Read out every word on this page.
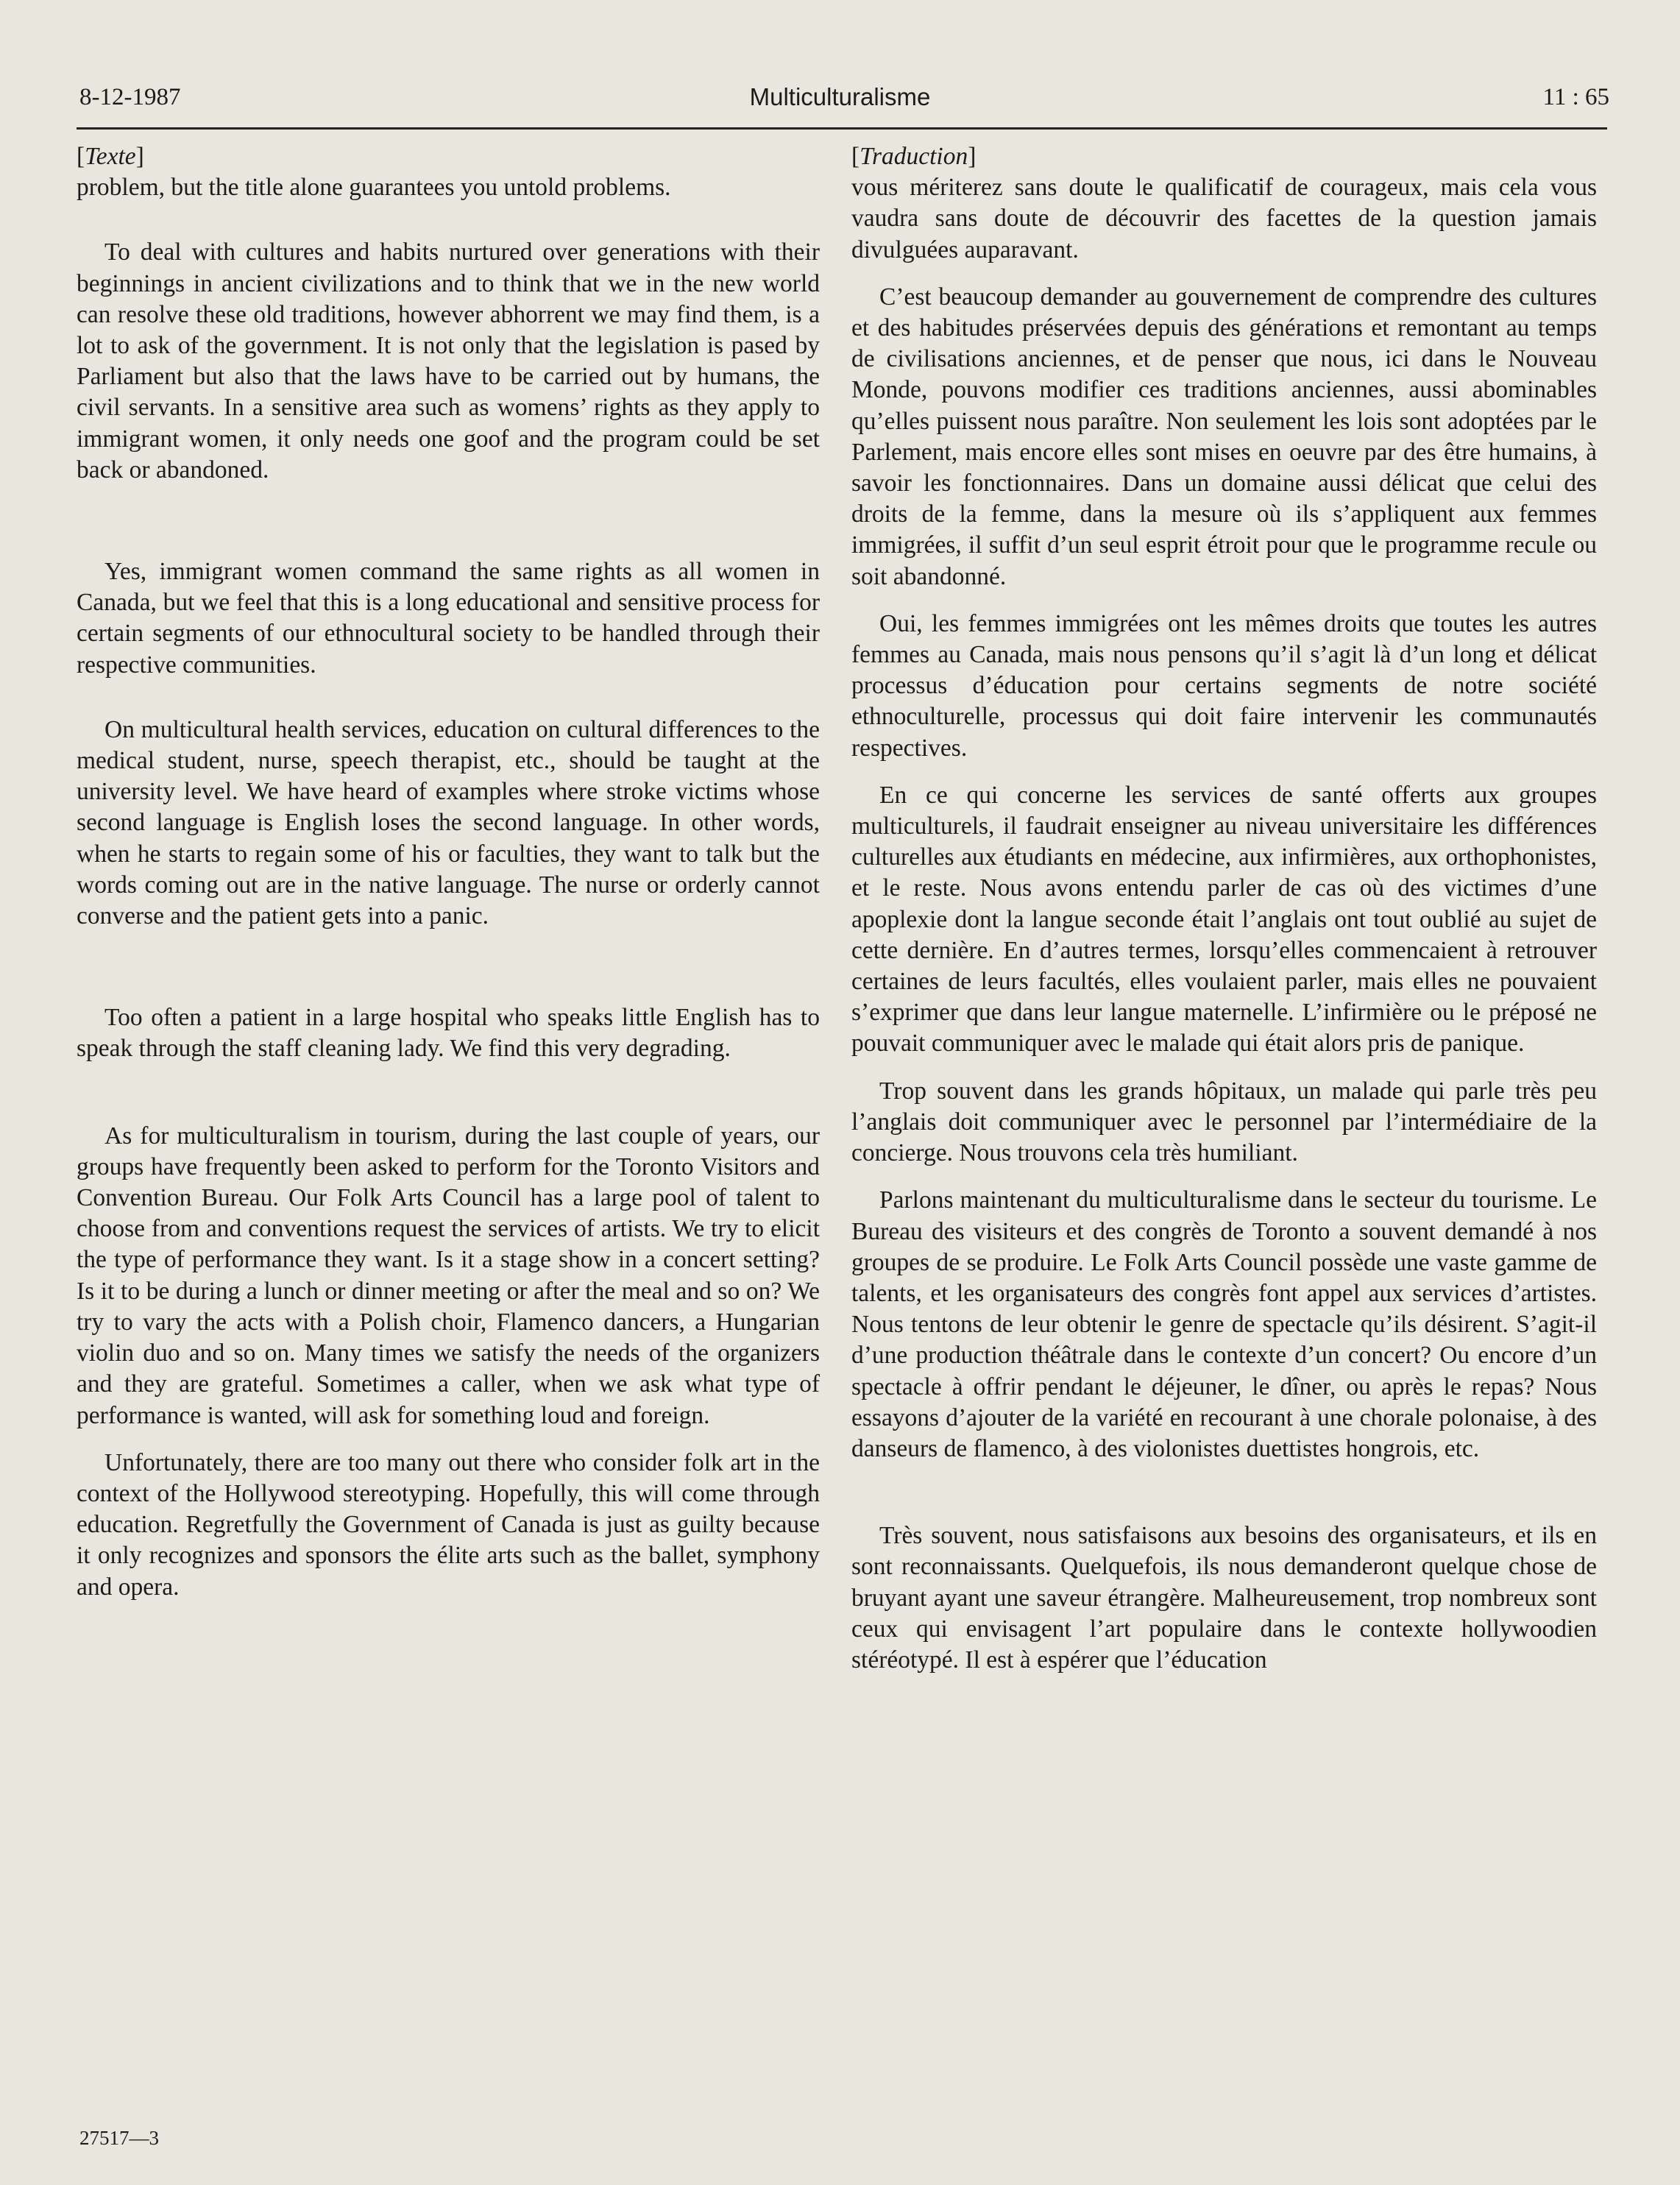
8-12-1987	Multiculturalisme	11 : 65
[Texte]

problem, but the title alone guarantees you untold problems.

To deal with cultures and habits nurtured over generations with their beginnings in ancient civilizations and to think that we in the new world can resolve these old traditions, however abhorrent we may find them, is a lot to ask of the government. It is not only that the legislation is pased by Parliament but also that the laws have to be carried out by humans, the civil servants. In a sensitive area such as womens’ rights as they apply to immigrant women, it only needs one goof and the program could be set back or abandoned.

Yes, immigrant women command the same rights as all women in Canada, but we feel that this is a long educational and sensitive process for certain segments of our ethnocultural society to be handled through their respective communities.

On multicultural health services, education on cultural differences to the medical student, nurse, speech therapist, etc., should be taught at the university level. We have heard of examples where stroke victims whose second language is English loses the second language. In other words, when he starts to regain some of his or faculties, they want to talk but the words coming out are in the native language. The nurse or orderly cannot converse and the patient gets into a panic.

Too often a patient in a large hospital who speaks little English has to speak through the staff cleaning lady. We find this very degrading.

As for multiculturalism in tourism, during the last couple of years, our groups have frequently been asked to perform for the Toronto Visitors and Convention Bureau. Our Folk Arts Council has a large pool of talent to choose from and conventions request the services of artists. We try to elicit the type of performance they want. Is it a stage show in a concert setting? Is it to be during a lunch or dinner meeting or after the meal and so on? We try to vary the acts with a Polish choir, Flamenco dancers, a Hungarian violin duo and so on. Many times we satisfy the needs of the organizers and they are grateful. Sometimes a caller, when we ask what type of performance is wanted, will ask for something loud and foreign.

Unfortunately, there are too many out there who consider folk art in the context of the Hollywood stereotyping. Hopefully, this will come through education. Regretfully the Government of Canada is just as guilty because it only recognizes and sponsors the élite arts such as the ballet, symphony and opera.

[Traduction]

vous mériterez sans doute le qualificatif de courageux, mais cela vous vaudra sans doute de découvrir des facettes de la question jamais divulguées auparavant.

C’est beaucoup demander au gouvernement de comprendre des cultures et des habitudes préservées depuis des générations et remontant au temps de civilisations anciennes, et de penser que nous, ici dans le Nouveau Monde, pouvons modifier ces traditions anciennes, aussi abominables qu’elles puissent nous paraître. Non seulement les lois sont adoptées par le Parlement, mais encore elles sont mises en oeuvre par des être humains, à savoir les fonctionnaires. Dans un domaine aussi délicat que celui des droits de la femme, dans la mesure où ils s’appliquent aux femmes immigrées, il suffit d’un seul esprit étroit pour que le programme recule ou soit abandonné.

Oui, les femmes immigrées ont les mêmes droits que toutes les autres femmes au Canada, mais nous pensons qu’il s’agit là d’un long et délicat processus d’éducation pour certains segments de notre société ethnoculturelle, processus qui doit faire intervenir les communautés respectives.

En ce qui concerne les services de santé offerts aux groupes multiculturels, il faudrait enseigner au niveau universitaire les différences culturelles aux étudiants en médecine, aux infirmières, aux orthophonistes, et le reste. Nous avons entendu parler de cas où des victimes d’une apoplexie dont la langue seconde était l’anglais ont tout oublié au sujet de cette dernière. En d’autres termes, lorsqu’elles commencaient à retrouver certaines de leurs facultés, elles voulaient parler, mais elles ne pouvaient s’exprimer que dans leur langue maternelle. L’infirmière ou le préposé ne pouvait communiquer avec le malade qui était alors pris de panique.

Trop souvent dans les grands hôpitaux, un malade qui parle très peu l’anglais doit communiquer avec le personnel par l’intermédiaire de la concierge. Nous trouvons cela très humiliant.

Parlons maintenant du multiculturalisme dans le secteur du tourisme. Le Bureau des visiteurs et des congrès de Toronto a souvent demandé à nos groupes de se produire. Le Folk Arts Council possède une vaste gamme de talents, et les organisateurs des congrès font appel aux services d’artistes. Nous tentons de leur obtenir le genre de spectacle qu’ils désirent. S’agit-il d’une production théâtrale dans le contexte d’un concert? Ou encore d’un spectacle à offrir pendant le déjeuner, le dîner, ou après le repas? Nous essayons d’ajouter de la variété en recourant à une chorale polonaise, à des danseurs de flamenco, à des violonistes duettistes hongrois, etc.

Très souvent, nous satisfaisons aux besoins des organisateurs, et ils en sont reconnaissants. Quelquefois, ils nous demanderont quelque chose de bruyant ayant une saveur étrangère. Malheureusement, trop nombreux sont ceux qui envisagent l’art populaire dans le contexte hollywoodien stéréotypé. Il est à espérer que l’éducation

27517—3
